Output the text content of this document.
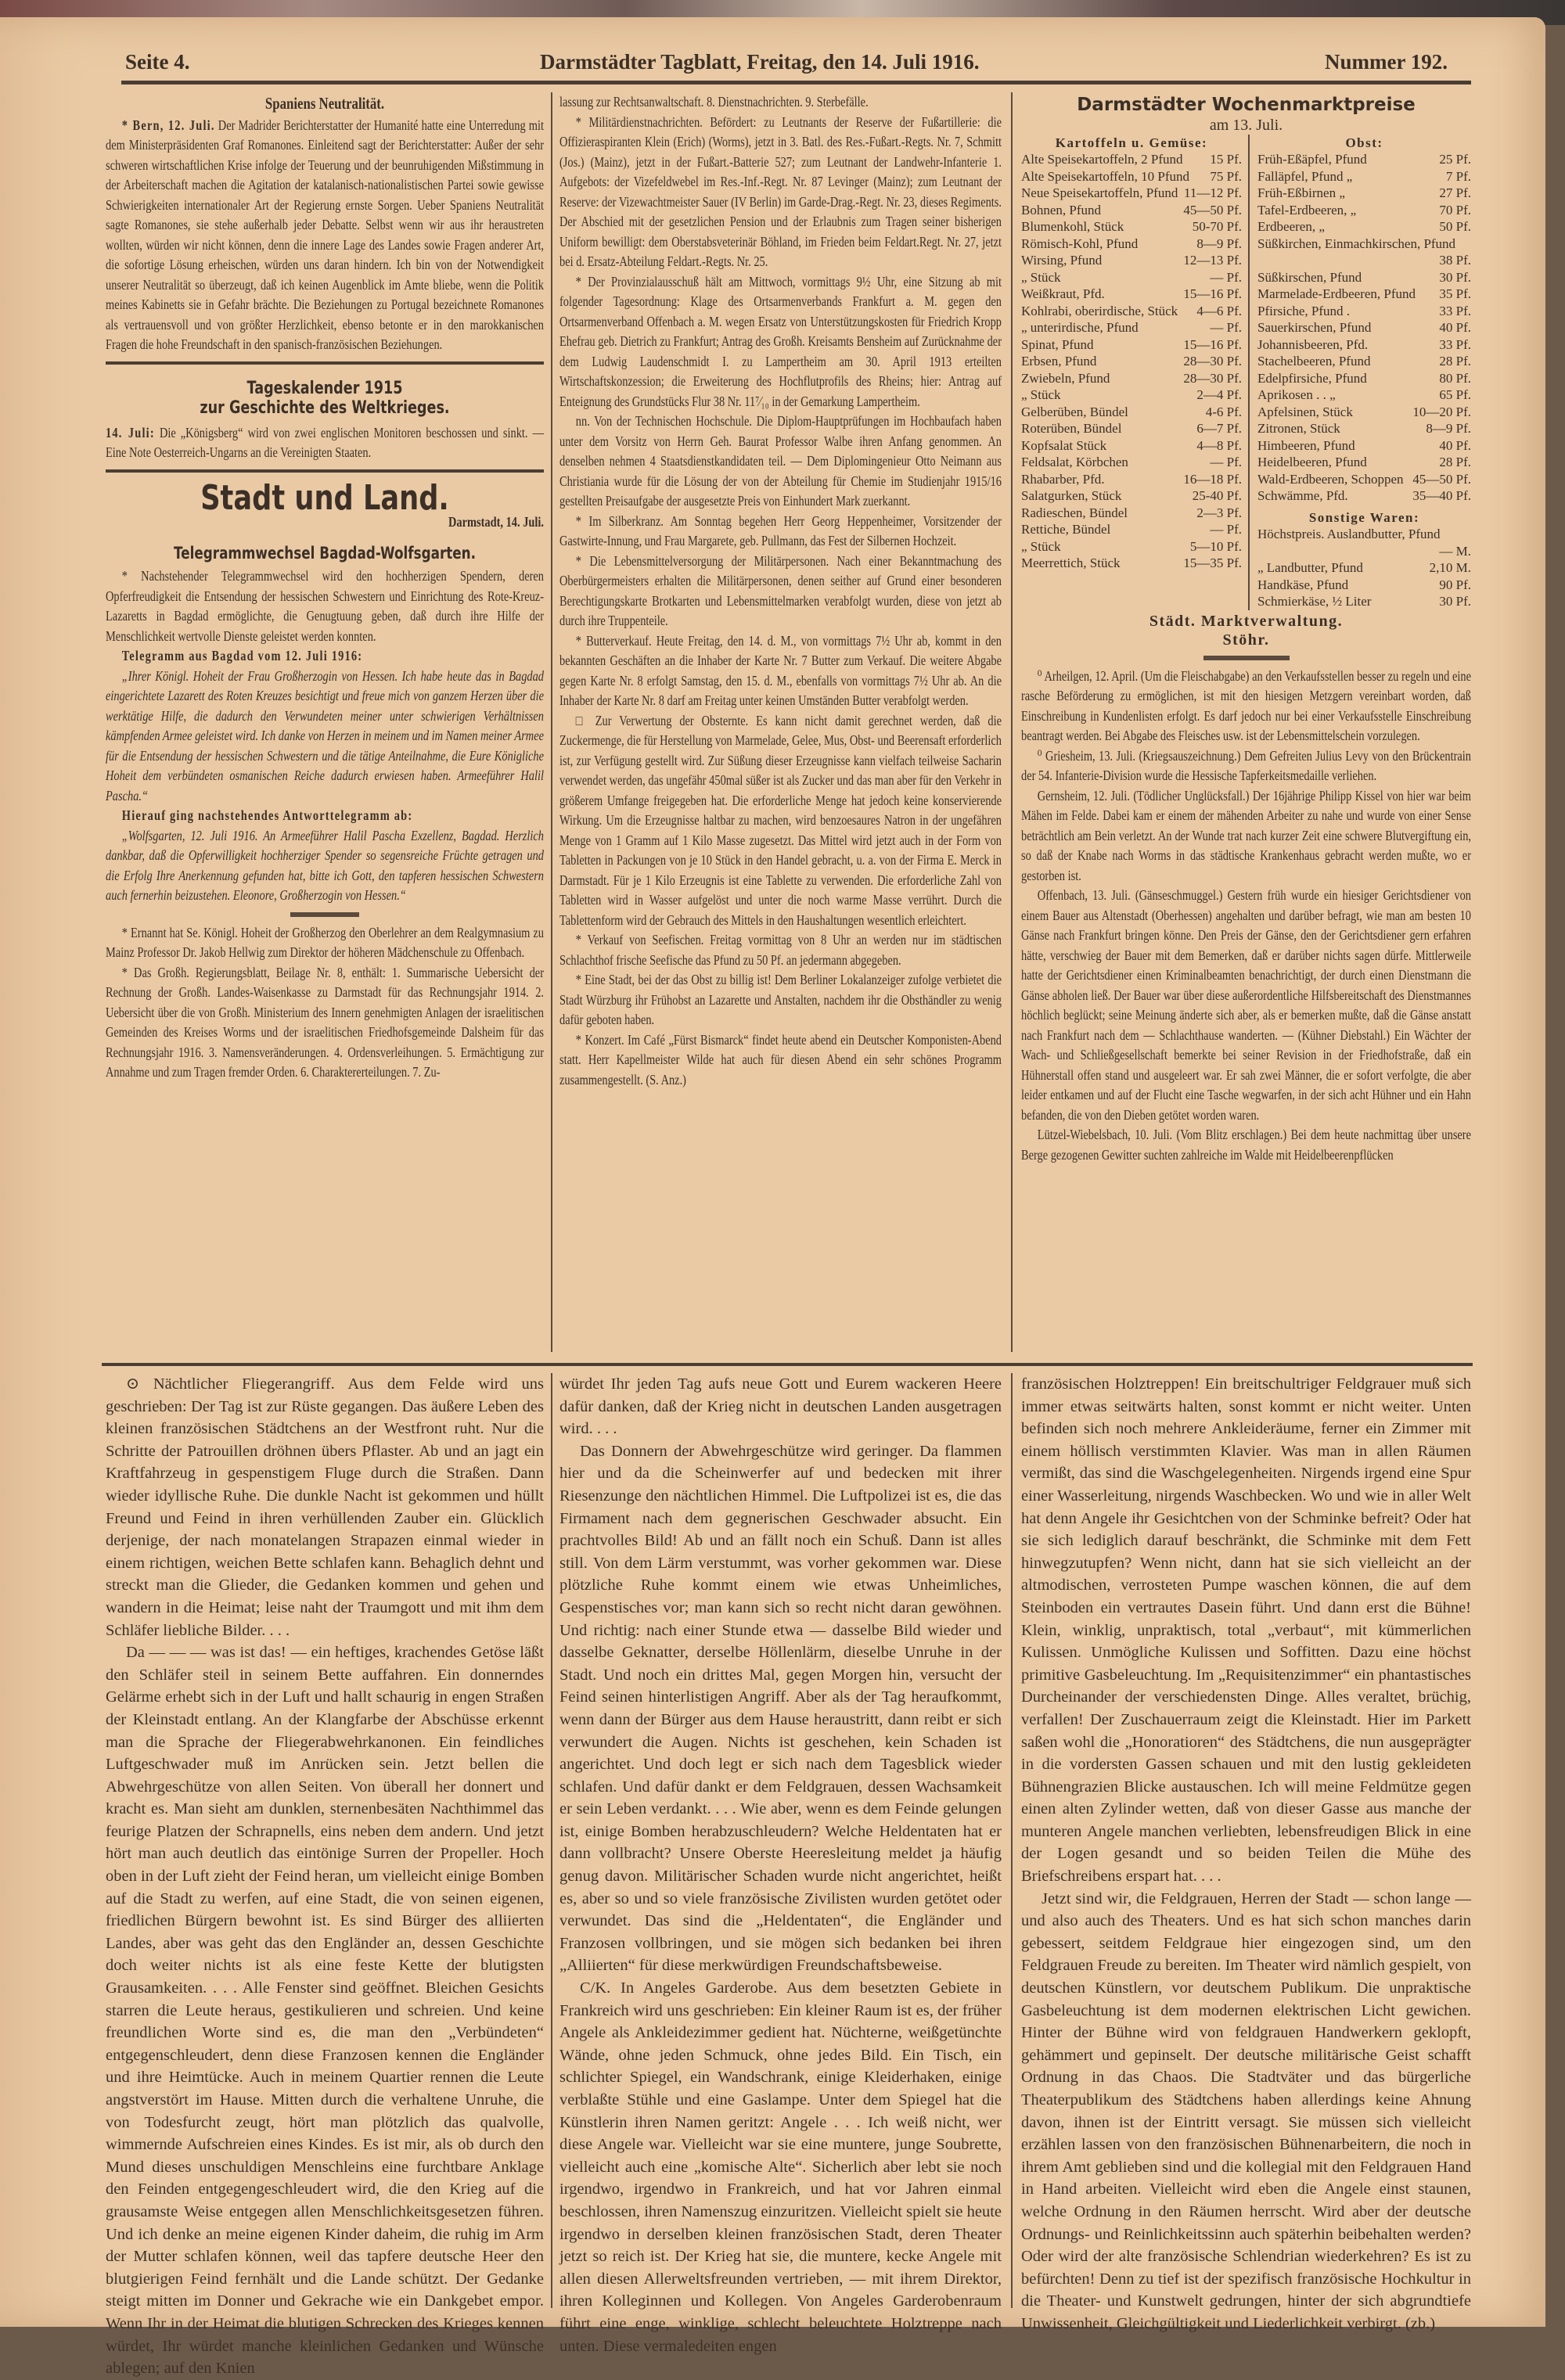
Seite 4.	Darmstädter Tagblatt, Freitag, den 14. Juli 1916.	Nummer 192.
Spaniens Neutralität.

* Bern, 12. Juli. Der Madrider Berichterstatter der Humanité hatte eine Unterredung mit dem Ministerpräsidenten Graf Romanones. Einleitend sagt der Berichterstatter: Außer der sehr schweren wirtschaftlichen Krise infolge der Teuerung und der beunruhigenden Mißstimmung in der Arbeiterschaft machen die Agitation der katalanisch-nationalistischen Partei sowie gewisse Schwierigkeiten internationaler Art der Regierung ernste Sorgen. Ueber Spaniens Neutralität sagte Romanones, sie stehe außerhalb jeder Debatte. Selbst wenn wir aus ihr heraustreten wollten, würden wir nicht können, denn die innere Lage des Landes sowie Fragen anderer Art, die sofortige Lösung erheischen, würden uns daran hindern. Ich bin von der Notwendigkeit unserer Neutralität so überzeugt, daß ich keinen Augenblick im Amte bliebe, wenn die Politik meines Kabinetts sie in Gefahr brächte. Die Beziehungen zu Portugal bezeichnete Romanones als vertrauensvoll und von größter Herzlichkeit, ebenso betonte er in den marokkanischen Fragen die hohe Freundschaft in den spanisch-französischen Beziehungen.

Tageskalender 1915
zur Geschichte des Weltkrieges.

14. Juli: Die „Königsberg“ wird von zwei englischen Monitoren beschossen und sinkt. — Eine Note Oesterreich-Ungarns an die Vereinigten Staaten.

Stadt und Land.

Darmstadt, 14. Juli.

Telegrammwechsel Bagdad-Wolfsgarten.

* Nachstehender Telegrammwechsel wird den hochherzigen Spendern, deren Opferfreudigkeit die Entsendung der hessischen Schwestern und Einrichtung des Rote-Kreuz-Lazaretts in Bagdad ermöglichte, die Genugtuung geben, daß durch ihre Hilfe der Menschlichkeit wertvolle Dienste geleistet werden konnten.

Telegramm aus Bagdad vom 12. Juli 1916:

„Ihrer Königl. Hoheit der Frau Großherzogin von Hessen. Ich habe heute das in Bagdad eingerichtete Lazarett des Roten Kreuzes besichtigt und freue mich von ganzem Herzen über die werktätige Hilfe, die dadurch den Verwundeten meiner unter schwierigen Verhältnissen kämpfenden Armee geleistet wird. Ich danke von Herzen in meinem und im Namen meiner Armee für die Entsendung der hessischen Schwestern und die tätige Anteilnahme, die Eure Königliche Hoheit dem verbündeten osmanischen Reiche dadurch erwiesen haben. Armeeführer Halil Pascha.“

Hierauf ging nachstehendes Antworttelegramm ab:

„Wolfsgarten, 12. Juli 1916. An Armeeführer Halil Pascha Exzellenz, Bagdad. Herzlich dankbar, daß die Opferwilligkeit hochherziger Spender so segensreiche Früchte getragen und die Erfolg Ihre Anerkennung gefunden hat, bitte ich Gott, den tapferen hessischen Schwestern auch fernerhin beizustehen. Eleonore, Großherzogin von Hessen.“

* Ernannt hat Se. Königl. Hoheit der Großherzog den Oberlehrer an dem Realgymnasium zu Mainz Professor Dr. Jakob Hellwig zum Direktor der höheren Mädchenschule zu Offenbach.

* Das Großh. Regierungsblatt, Beilage Nr. 8, enthält: 1. Summarische Uebersicht der Rechnung der Großh. Landes-Waisenkasse zu Darmstadt für das Rechnungsjahr 1914. 2. Uebersicht über die von Großh. Ministerium des Innern genehmigten Anlagen der israelitischen Gemeinden des Kreises Worms und der israelitischen Friedhofsgemeinde Dalsheim für das Rechnungsjahr 1916. 3. Namensveränderungen. 4. Ordensverleihungen. 5. Ermächtigung zur Annahme und zum Tragen fremder Orden. 6. Charaktererteilungen. 7. Zu-

lassung zur Rechtsanwaltschaft. 8. Dienstnachrichten. 9. Sterbefälle.

* Militärdienstnachrichten. Befördert: zu Leutnants der Reserve der Fußartillerie: die Offizieraspiranten Klein (Erich) (Worms), jetzt in 3. Batl. des Res.-Fußart.-Regts. Nr. 7, Schmitt (Jos.) (Mainz), jetzt in der Fußart.-Batterie 527; zum Leutnant der Landwehr-Infanterie 1. Aufgebots: der Vizefeldwebel im Res.-Inf.-Regt. Nr. 87 Levinger (Mainz); zum Leutnant der Reserve: der Vizewachtmeister Sauer (IV Berlin) im Garde-Drag.-Regt. Nr. 23, dieses Regiments. Der Abschied mit der gesetzlichen Pension und der Erlaubnis zum Tragen seiner bisherigen Uniform bewilligt: dem Oberstabsveterinär Böhland, im Frieden beim Feldart.Regt. Nr. 27, jetzt bei d. Ersatz-Abteilung Feldart.-Regts. Nr. 25.

* Der Provinzialausschuß hält am Mittwoch, vormittags 9½ Uhr, eine Sitzung ab mit folgender Tagesordnung: Klage des Ortsarmenverbands Frankfurt a. M. gegen den Ortsarmenverband Offenbach a. M. wegen Ersatz von Unterstützungskosten für Friedrich Kropp Ehefrau geb. Dietrich zu Frankfurt; Antrag des Großh. Kreisamts Bensheim auf Zurücknahme der dem Ludwig Laudenschmidt I. zu Lampertheim am 30. April 1913 erteilten Wirtschaftskonzession; die Erweiterung des Hochflutprofils des Rheins; hier: Antrag auf Enteignung des Grundstücks Flur 38 Nr. 11⁷⁄₁₀ in der Gemarkung Lampertheim.

nn. Von der Technischen Hochschule. Die Diplom-Hauptprüfungen im Hochbaufach haben unter dem Vorsitz von Herrn Geh. Baurat Professor Walbe ihren Anfang genommen. An denselben nehmen 4 Staatsdienstkandidaten teil. — Dem Diplomingenieur Otto Neimann aus Christiania wurde für die Lösung der von der Abteilung für Chemie im Studienjahr 1915/16 gestellten Preisaufgabe der ausgesetzte Preis von Einhundert Mark zuerkannt.

* Im Silberkranz. Am Sonntag begehen Herr Georg Heppenheimer, Vorsitzender der Gastwirte-Innung, und Frau Margarete, geb. Pullmann, das Fest der Silbernen Hochzeit.

* Die Lebensmittelversorgung der Militärpersonen. Nach einer Bekanntmachung des Oberbürgermeisters erhalten die Militärpersonen, denen seither auf Grund einer besonderen Berechtigungskarte Brotkarten und Lebensmittelmarken verabfolgt wurden, diese von jetzt ab durch ihre Truppenteile.

* Butterverkauf. Heute Freitag, den 14. d. M., von vormittags 7½ Uhr ab, kommt in den bekannten Geschäften an die Inhaber der Karte Nr. 7 Butter zum Verkauf. Die weitere Abgabe gegen Karte Nr. 8 erfolgt Samstag, den 15. d. M., ebenfalls von vormittags 7½ Uhr ab. An die Inhaber der Karte Nr. 8 darf am Freitag unter keinen Umständen Butter verabfolgt werden.

□ Zur Verwertung der Obsternte. Es kann nicht damit gerechnet werden, daß die Zuckermenge, die für Herstellung von Marmelade, Gelee, Mus, Obst- und Beerensaft erforderlich ist, zur Verfügung gestellt wird. Zur Süßung dieser Erzeugnisse kann vielfach teilweise Sacharin verwendet werden, das ungefähr 450mal süßer ist als Zucker und das man aber für den Verkehr in größerem Umfange freigegeben hat. Die erforderliche Menge hat jedoch keine konservierende Wirkung. Um die Erzeugnisse haltbar zu machen, wird benzoesaures Natron in der ungefähren Menge von 1 Gramm auf 1 Kilo Masse zugesetzt. Das Mittel wird jetzt auch in der Form von Tabletten in Packungen von je 10 Stück in den Handel gebracht, u. a. von der Firma E. Merck in Darmstadt. Für je 1 Kilo Erzeugnis ist eine Tablette zu verwenden. Die erforderliche Zahl von Tabletten wird in Wasser aufgelöst und unter die noch warme Masse verrührt. Durch die Tablettenform wird der Gebrauch des Mittels in den Haushaltungen wesentlich erleichtert.

* Verkauf von Seefischen. Freitag vormittag von 8 Uhr an werden nur im städtischen Schlachthof frische Seefische das Pfund zu 50 Pf. an jedermann abgegeben.

* Eine Stadt, bei der das Obst zu billig ist! Dem Berliner Lokalanzeiger zufolge verbietet die Stadt Würzburg ihr Frühobst an Lazarette und Anstalten, nachdem ihr die Obsthändler zu wenig dafür geboten haben.

* Konzert. Im Café „Fürst Bismarck“ findet heute abend ein Deutscher Komponisten-Abend statt. Herr Kapellmeister Wilde hat auch für diesen Abend ein sehr schönes Programm zusammengestellt. (S. Anz.)

Darmstädter Wochenmarktpreise
am 13. Juli.
Kartoffeln u. Gemüse:
Alte Speisekartoffeln, 2 Pfund	15 Pf.
Alte Speisekartoffeln, 10 Pfund	75 Pf.
Neue Speisekartoffeln, Pfund 11—12 Pf.
Bohnen, Pfund	45—50 Pf.
Blumenkohl, Stück	50-70 Pf.
Römisch-Kohl, Pfund	8—9 Pf.
Wirsing, Pfund	12—13 Pf.
„ Stück	— Pf.
Weißkraut, Pfd.	15—16 Pf.
Kohlrabi, oberirdische, Stück	4—6 Pf.
„ unterirdische, Pfund	— Pf.
Spinat, Pfund	15—16 Pf.
Erbsen, Pfund	28—30 Pf.
Zwiebeln, Pfund	28—30 Pf.
„ Stück	2—4 Pf.
Gelberüben, Bündel	4-6 Pf.
Roterüben, Bündel	6—7 Pf.
Kopfsalat Stück	4—8 Pf.
Feldsalat, Körbchen	— Pf.
Rhabarber, Pfd.	16—18 Pf.
Salatgurken, Stück	25-40 Pf.
Radieschen, Bündel	2—3 Pf.
Rettiche, Bündel	— Pf.
„ Stück	5—10 Pf.
Meerrettich, Stück	15—35 Pf.
Obst:
Früh-Eßäpfel, Pfund	25 Pf.
Falläpfel, Pfund „	7 Pf.
Früh-Eßbirnen „	27 Pf.
Tafel-Erdbeeren, „	70 Pf.
Erdbeeren, „	50 Pf.
Süßkirchen, Einmachkirschen, Pfund
38 Pf.
Süßkirschen, Pfund	30 Pf.
Marmelade-Erdbeeren, Pfund	35 Pf.
Pfirsiche, Pfund .	33 Pf.
Sauerkirschen, Pfund	40 Pf.
Johannisbeeren, Pfd.	33 Pf.
Stachelbeeren, Pfund	28 Pf.
Edelpfirsiche, Pfund	80 Pf.
Aprikosen . . „	65 Pf.
Apfelsinen, Stück	10—20 Pf.
Zitronen, Stück	8—9 Pf.
Himbeeren, Pfund	40 Pf.
Heidelbeeren, Pfund	28 Pf.
Wald-Erdbeeren, Schoppen 45—50 Pf.
Schwämme, Pfd.	35—40 Pf.
Sonstige Waren:
Höchstpreis. Auslandbutter, Pfund
— M.
„ Landbutter, Pfund	2,10 M.
Handkäse, Pfund	90 Pf.
Schmierkäse, ½ Liter	30 Pf.
Städt. Marktverwaltung.
Stöhr.

⁰ Arheilgen, 12. April. (Um die Fleischabgabe) an den Verkaufsstellen besser zu regeln und eine rasche Beförderung zu ermöglichen, ist mit den hiesigen Metzgern vereinbart worden, daß Einschreibung in Kundenlisten erfolgt. Es darf jedoch nur bei einer Verkaufsstelle Einschreibung beantragt werden. Bei Abgabe des Fleisches usw. ist der Lebensmittelschein vorzulegen.

⁰ Griesheim, 13. Juli. (Kriegsauszeichnung.) Dem Gefreiten Julius Levy von den Brückentrain der 54. Infanterie-Division wurde die Hessische Tapferkeitsmedaille verliehen.

Gernsheim, 12. Juli. (Tödlicher Unglücksfall.) Der 16jährige Philipp Kissel von hier war beim Mähen im Felde. Dabei kam er einem der mähenden Arbeiter zu nahe und wurde von einer Sense beträchtlich am Bein verletzt. An der Wunde trat nach kurzer Zeit eine schwere Blutvergiftung ein, so daß der Knabe nach Worms in das städtische Krankenhaus gebracht werden mußte, wo er gestorben ist.

Offenbach, 13. Juli. (Gänseschmuggel.) Gestern früh wurde ein hiesiger Gerichtsdiener von einem Bauer aus Altenstadt (Oberhessen) angehalten und darüber befragt, wie man am besten 10 Gänse nach Frankfurt bringen könne. Den Preis der Gänse, den der Gerichtsdiener gern erfahren hätte, verschwieg der Bauer mit dem Bemerken, daß er darüber nichts sagen dürfe. Mittlerweile hatte der Gerichtsdiener einen Kriminalbeamten benachrichtigt, der durch einen Dienstmann die Gänse abholen ließ. Der Bauer war über diese außerordentliche Hilfsbereitschaft des Dienstmannes höchlich beglückt; seine Meinung änderte sich aber, als er bemerken mußte, daß die Gänse anstatt nach Frankfurt nach dem — Schlachthause wanderten. — (Kühner Diebstahl.) Ein Wächter der Wach- und Schließgesellschaft bemerkte bei seiner Revision in der Friedhofstraße, daß ein Hühnerstall offen stand und ausgeleert war. Er sah zwei Männer, die er sofort verfolgte, die aber leider entkamen und auf der Flucht eine Tasche wegwarfen, in der sich acht Hühner und ein Hahn befanden, die von den Dieben getötet worden waren.

Lützel-Wiebelsbach, 10. Juli. (Vom Blitz erschlagen.) Bei dem heute nachmittag über unsere Berge gezogenen Gewitter suchten zahlreiche im Walde mit Heidelbeerenpflücken

⊙ Nächtlicher Fliegerangriff. Aus dem Felde wird uns geschrieben: Der Tag ist zur Rüste gegangen. Das äußere Leben des kleinen französischen Städtchens an der Westfront ruht. Nur die Schritte der Patrouillen dröhnen übers Pflaster. Ab und an jagt ein Kraftfahrzeug in gespenstigem Fluge durch die Straßen. Dann wieder idyllische Ruhe. Die dunkle Nacht ist gekommen und hüllt Freund und Feind in ihren verhüllenden Zauber ein. Glücklich derjenige, der nach monatelangen Strapazen einmal wieder in einem richtigen, weichen Bette schlafen kann. Behaglich dehnt und streckt man die Glieder, die Gedanken kommen und gehen und wandern in die Heimat; leise naht der Traumgott und mit ihm dem Schläfer liebliche Bilder. . . .

Da — — — was ist das! — ein heftiges, krachendes Getöse läßt den Schläfer steil in seinem Bette auffahren. Ein donnerndes Gelärme erhebt sich in der Luft und hallt schaurig in engen Straßen der Kleinstadt entlang. An der Klangfarbe der Abschüsse erkennt man die Sprache der Fliegerabwehrkanonen. Ein feindliches Luftgeschwader muß im Anrücken sein. Jetzt bellen die Abwehrgeschütze von allen Seiten. Von überall her donnert und kracht es. Man sieht am dunklen, sternenbesäten Nachthimmel das feurige Platzen der Schrapnells, eins neben dem andern. Und jetzt hört man auch deutlich das eintönige Surren der Propeller. Hoch oben in der Luft zieht der Feind heran, um vielleicht einige Bomben auf die Stadt zu werfen, auf eine Stadt, die von seinen eigenen, friedlichen Bürgern bewohnt ist. Es sind Bürger des alliierten Landes, aber was geht das den Engländer an, dessen Geschichte doch weiter nichts ist als eine feste Kette der blutigsten Grausamkeiten. . . . Alle Fenster sind geöffnet. Bleichen Gesichts starren die Leute heraus, gestikulieren und schreien. Und keine freundlichen Worte sind es, die man den „Verbündeten“ entgegenschleudert, denn diese Franzosen kennen die Engländer und ihre Heimtücke. Auch in meinem Quartier rennen die Leute angstverstört im Hause. Mitten durch die verhaltene Unruhe, die von Todesfurcht zeugt, hört man plötzlich das qualvolle, wimmernde Aufschreien eines Kindes. Es ist mir, als ob durch den Mund dieses unschuldigen Menschleins eine furchtbare Anklage den Feinden entgegengeschleudert wird, die den Krieg auf die grausamste Weise entgegen allen Menschlichkeitsgesetzen führen. Und ich denke an meine eigenen Kinder daheim, die ruhig im Arm der Mutter schlafen können, weil das tapfere deutsche Heer den blutgierigen Feind fernhält und die Lande schützt. Der Gedanke steigt mitten im Donner und Gekrache wie ein Dankgebet empor. Wenn Ihr in der Heimat die blutigen Schrecken des Krieges kennen würdet, Ihr würdet manche kleinlichen Gedanken und Wünsche ablegen; auf den Knien

würdet Ihr jeden Tag aufs neue Gott und Eurem wackeren Heere dafür danken, daß der Krieg nicht in deutschen Landen ausgetragen wird. . . .

Das Donnern der Abwehrgeschütze wird geringer. Da flammen hier und da die Scheinwerfer auf und bedecken mit ihrer Riesenzunge den nächtlichen Himmel. Die Luftpolizei ist es, die das Firmament nach dem gegnerischen Geschwader absucht. Ein prachtvolles Bild! Ab und an fällt noch ein Schuß. Dann ist alles still. Von dem Lärm verstummt, was vorher gekommen war. Diese plötzliche Ruhe kommt einem wie etwas Unheimliches, Gespenstisches vor; man kann sich so recht nicht daran gewöhnen. Und richtig: nach einer Stunde etwa — dasselbe Bild wieder und dasselbe Geknatter, derselbe Höllenlärm, dieselbe Unruhe in der Stadt. Und noch ein drittes Mal, gegen Morgen hin, versucht der Feind seinen hinterlistigen Angriff. Aber als der Tag heraufkommt, wenn dann der Bürger aus dem Hause heraustritt, dann reibt er sich verwundert die Augen. Nichts ist geschehen, kein Schaden ist angerichtet. Und doch legt er sich nach dem Tagesblick wieder schlafen. Und dafür dankt er dem Feldgrauen, dessen Wachsamkeit er sein Leben verdankt. . . . Wie aber, wenn es dem Feinde gelungen ist, einige Bomben herabzuschleudern? Welche Heldentaten hat er dann vollbracht? Unsere Oberste Heeresleitung meldet ja häufig genug davon. Militärischer Schaden wurde nicht angerichtet, heißt es, aber so und so viele französische Zivilisten wurden getötet oder verwundet. Das sind die „Heldentaten“, die Engländer und Franzosen vollbringen, und sie mögen sich bedanken bei ihren „Alliierten“ für diese merkwürdigen Freundschaftsbeweise.

C/K. In Angeles Garderobe. Aus dem besetzten Gebiete in Frankreich wird uns geschrieben: Ein kleiner Raum ist es, der früher Angele als Ankleidezimmer gedient hat. Nüchterne, weißgetünchte Wände, ohne jeden Schmuck, ohne jedes Bild. Ein Tisch, ein schlichter Spiegel, ein Wandschrank, einige Kleiderhaken, einige verblaßte Stühle und eine Gaslampe. Unter dem Spiegel hat die Künstlerin ihren Namen geritzt: Angele . . . Ich weiß nicht, wer diese Angele war. Vielleicht war sie eine muntere, junge Soubrette, vielleicht auch eine „komische Alte“. Sicherlich aber lebt sie noch irgendwo, irgendwo in Frankreich, und hat vor Jahren einmal beschlossen, ihren Namenszug einzuritzen. Vielleicht spielt sie heute irgendwo in derselben kleinen französischen Stadt, deren Theater jetzt so reich ist. Der Krieg hat sie, die muntere, kecke Angele mit allen diesen Allerweltsfreunden vertrieben, — mit ihrem Direktor, ihren Kolleginnen und Kollegen. Von Angeles Garderobenraum führt eine enge, winklige, schlecht beleuchtete Holztreppe nach unten. Diese vermaledeiten engen

französischen Holztreppen! Ein breitschultriger Feldgrauer muß sich immer etwas seitwärts halten, sonst kommt er nicht weiter. Unten befinden sich noch mehrere Ankleideräume, ferner ein Zimmer mit einem höllisch verstimmten Klavier. Was man in allen Räumen vermißt, das sind die Waschgelegenheiten. Nirgends irgend eine Spur einer Wasserleitung, nirgends Waschbecken. Wo und wie in aller Welt hat denn Angele ihr Gesichtchen von der Schminke befreit? Oder hat sie sich lediglich darauf beschränkt, die Schminke mit dem Fett hinwegzutupfen? Wenn nicht, dann hat sie sich vielleicht an der altmodischen, verrosteten Pumpe waschen können, die auf dem Steinboden ein vertrautes Dasein führt. Und dann erst die Bühne! Klein, winklig, unpraktisch, total „verbaut“, mit kümmerlichen Kulissen. Unmögliche Kulissen und Soffitten. Dazu eine höchst primitive Gasbeleuchtung. Im „Requisitenzimmer“ ein phantastisches Durcheinander der verschiedensten Dinge. Alles veraltet, brüchig, verfallen! Der Zuschauerraum zeigt die Kleinstadt. Hier im Parkett saßen wohl die „Honoratioren“ des Städtchens, die nun ausgeprägter in die vordersten Gassen schauen und mit den lustig gekleideten Bühnengrazien Blicke austauschen. Ich will meine Feldmütze gegen einen alten Zylinder wetten, daß von dieser Gasse aus manche der munteren Angele manchen verliebten, lebensfreudigen Blick in eine der Logen gesandt und so beiden Teilen die Mühe des Briefschreibens erspart hat. . . .

Jetzt sind wir, die Feldgrauen, Herren der Stadt — schon lange — und also auch des Theaters. Und es hat sich schon manches darin gebessert, seitdem Feldgraue hier eingezogen sind, um den Feldgrauen Freude zu bereiten. Im Theater wird nämlich gespielt, von deutschen Künstlern, vor deutschem Publikum. Die unpraktische Gasbeleuchtung ist dem modernen elektrischen Licht gewichen. Hinter der Bühne wird von feldgrauen Handwerkern geklopft, gehämmert und gepinselt. Der deutsche militärische Geist schafft Ordnung in das Chaos. Die Stadtväter und das bürgerliche Theaterpublikum des Städtchens haben allerdings keine Ahnung davon, ihnen ist der Eintritt versagt. Sie müssen sich vielleicht erzählen lassen von den französischen Bühnenarbeitern, die noch in ihrem Amt geblieben sind und die kollegial mit den Feldgrauen Hand in Hand arbeiten. Vielleicht wird eben die Angele einst staunen, welche Ordnung in den Räumen herrscht. Wird aber der deutsche Ordnungs- und Reinlichkeitssinn auch späterhin beibehalten werden? Oder wird der alte französische Schlendrian wiederkehren? Es ist zu befürchten! Denn zu tief ist der spezifisch französische Hochkultur in die Theater- und Kunstwelt gedrungen, hinter der sich abgrundtiefe Unwissenheit, Gleichgültigkeit und Liederlichkeit verbirgt. (zb.)
